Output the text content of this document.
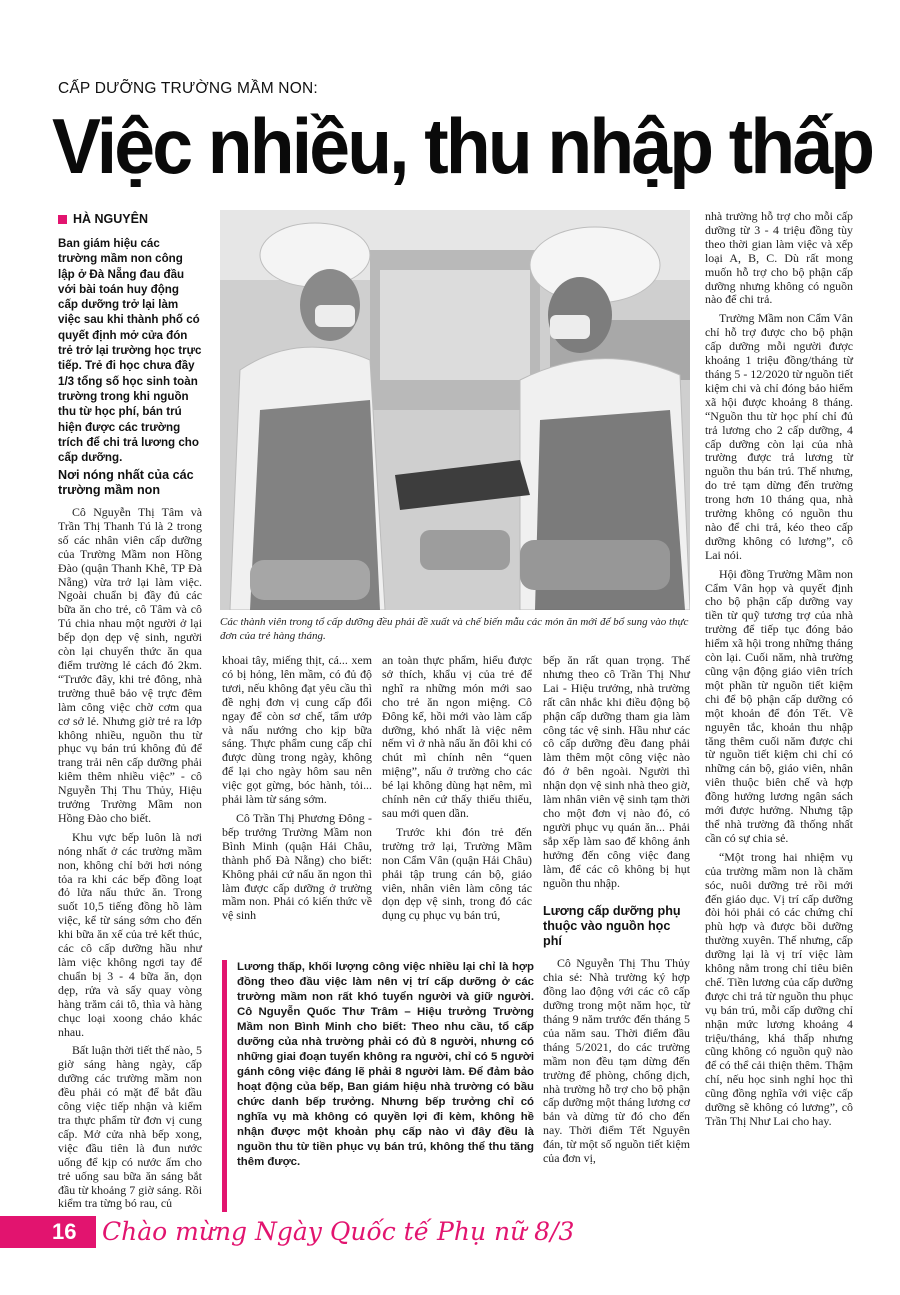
CẤP DƯỠNG TRƯỜNG MẦM NON:
Việc nhiều, thu nhập thấp
HÀ NGUYÊN
Ban giám hiệu các trường mầm non công lập ở Đà Nẵng đau đầu với bài toán huy động cấp dưỡng trở lại làm việc sau khi thành phố có quyết định mở cửa đón trẻ trở lại trường học trực tiếp. Trẻ đi học chưa đầy 1/3 tổng số học sinh toàn trường trong khi nguồn thu từ học phí, bán trú hiện được các trường trích để chi trả lương cho cấp dưỡng.
Nơi nóng nhất của các trường mầm non

Cô Nguyễn Thị Tâm và Trần Thị Thanh Tú là 2 trong số các nhân viên cấp dưỡng của Trường Mầm non Hồng Đào (quận Thanh Khê, TP Đà Nẵng) vừa trở lại làm việc. Ngoài chuẩn bị đầy đủ các bữa ăn cho trẻ, cô Tâm và cô Tú chia nhau một người ở lại bếp dọn dẹp vệ sinh, người còn lại chuyển thức ăn qua điểm trường lẻ cách đó 2km. “Trước đây, khi trẻ đông, nhà trường thuê bảo vệ trực đêm làm công việc chờ cơm qua cơ sở lẻ. Nhưng giờ trẻ ra lớp không nhiều, nguồn thu từ phục vụ bán trú không đủ để trang trải nên cấp dưỡng phải kiêm thêm nhiều việc” - cô Nguyễn Thị Thu Thủy, Hiệu trưởng Trường Mầm non Hồng Đào cho biết.

Khu vực bếp luôn là nơi nóng nhất ở các trường mầm non, không chỉ bởi hơi nóng tỏa ra khi các bếp đồng loạt đỏ lửa nấu thức ăn. Trong suốt 10,5 tiếng đồng hồ làm việc, kể từ sáng sớm cho đến khi bữa ăn xế của trẻ kết thúc, các cô cấp dưỡng hầu như làm việc không ngơi tay để chuẩn bị 3 - 4 bữa ăn, dọn dẹp, rửa và sấy quay vòng hàng trăm cái tô, thìa và hàng chục loại xoong chảo khác nhau.

Bất luận thời tiết thế nào, 5 giờ sáng hàng ngày, cấp dưỡng các trường mầm non đều phải có mặt để bắt đầu công việc tiếp nhận và kiểm tra thực phẩm từ đơn vị cung cấp. Mở cửa nhà bếp xong, việc đầu tiên là đun nước uống để kịp có nước ấm cho trẻ uống sau bữa ăn sáng bắt đầu từ khoảng 7 giờ sáng. Rồi kiểm tra từng bó rau, củ

Các thành viên trong tổ cấp dưỡng đều phải đề xuất và chế biến mẫu các món ăn mới để bổ sung vào thực đơn của trẻ hàng tháng.

khoai tây, miếng thịt, cá... xem có bị hỏng, lên mầm, có đủ độ tươi, nếu không đạt yêu cầu thì đề nghị đơn vị cung cấp đổi ngay để còn sơ chế, tẩm ướp và nấu nướng cho kịp bữa sáng. Thực phẩm cung cấp chỉ được dùng trong ngày, không để lại cho ngày hôm sau nên việc gọt gừng, bóc hành, tỏi... phải làm từ sáng sớm.

Cô Trần Thị Phương Đông - bếp trưởng Trường Mầm non Bình Minh (quận Hải Châu, thành phố Đà Nẵng) cho biết: Không phải cứ nấu ăn ngon thì làm được cấp dưỡng ở trường mầm non. Phải có kiến thức về vệ sinh

an toàn thực phẩm, hiểu được sở thích, khẩu vị của trẻ để nghĩ ra những món mới sao cho trẻ ăn ngon miệng. Cô Đông kể, hồi mới vào làm cấp dưỡng, khó nhất là việc nêm nếm vì ở nhà nấu ăn đôi khi có chút mì chính nên “quen miệng”, nấu ở trường cho các bé lại không dùng hạt nêm, mì chính nên cứ thấy thiếu thiếu, sau mới quen dần.

Trước khi đón trẻ đến trường trở lại, Trường Mầm non Cẩm Vân (quận Hải Châu) phải tập trung cán bộ, giáo viên, nhân viên làm công tác dọn dẹp vệ sinh, trong đó các dụng cụ phục vụ bán trú,

bếp ăn rất quan trọng. Thế nhưng theo cô Trần Thị Như Lai - Hiệu trưởng, nhà trường rất cân nhắc khi điều động bộ phận cấp dưỡng tham gia làm công tác vệ sinh. Hầu như các cô cấp dưỡng đều đang phải làm thêm một công việc nào đó ở bên ngoài. Người thì nhận dọn vệ sinh nhà theo giờ, làm nhân viên vệ sinh tạm thời cho một đơn vị nào đó, có người phục vụ quán ăn... Phải sắp xếp làm sao để không ảnh hưởng đến công việc đang làm, để các cô không bị hụt nguồn thu nhập.

Lương cấp dưỡng phụ thuộc vào nguồn học phí

Cô Nguyễn Thị Thu Thủy chia sẻ: Nhà trường ký hợp đồng lao động với các cô cấp dưỡng trong một năm học, từ tháng 9 năm trước đến tháng 5 của năm sau. Thời điểm đầu tháng 5/2021, do các trường mầm non đều tạm dừng đến trường để phòng, chống dịch, nhà trường hỗ trợ cho bộ phận cấp dưỡng một tháng lương cơ bản và dừng từ đó cho đến nay. Thời điểm Tết Nguyên đán, từ một số nguồn tiết kiệm của đơn vị,

nhà trường hỗ trợ cho mỗi cấp dưỡng từ 3 - 4 triệu đồng tùy theo thời gian làm việc và xếp loại A, B, C. Dù rất mong muốn hỗ trợ cho bộ phận cấp dưỡng nhưng không có nguồn nào để chi trả.

Trường Mầm non Cẩm Vân chỉ hỗ trợ được cho bộ phận cấp dưỡng mỗi người được khoảng 1 triệu đồng/tháng từ tháng 5 - 12/2020 từ nguồn tiết kiệm chi và chỉ đóng bảo hiểm xã hội được khoảng 8 tháng. “Nguồn thu từ học phí chỉ đủ trả lương cho 2 cấp dưỡng, 4 cấp dưỡng còn lại của nhà trường được trả lương từ nguồn thu bán trú. Thế nhưng, do trẻ tạm dừng đến trường trong hơn 10 tháng qua, nhà trường không có nguồn thu nào để chi trả, kéo theo cấp dưỡng không có lương”, cô Lai nói.

Hội đồng Trường Mầm non Cẩm Vân họp và quyết định cho bộ phận cấp dưỡng vay tiền từ quỹ tương trợ của nhà trường để tiếp tục đóng bảo hiểm xã hội trong những tháng còn lại. Cuối năm, nhà trường cũng vận động giáo viên trích một phần từ nguồn tiết kiệm chi để bộ phận cấp dưỡng có một khoản để đón Tết. Về nguyên tắc, khoản thu nhập tăng thêm cuối năm được chi từ nguồn tiết kiệm chi chỉ có những cán bộ, giáo viên, nhân viên thuộc biên chế và hợp đồng hưởng lương ngân sách mới được hưởng. Nhưng tập thể nhà trường đã thống nhất cần có sự chia sẻ.

“Một trong hai nhiệm vụ của trường mầm non là chăm sóc, nuôi dưỡng trẻ rồi mới đến giáo dục. Vị trí cấp dưỡng đòi hỏi phải có các chứng chỉ phù hợp và được bồi dưỡng thường xuyên. Thế nhưng, cấp dưỡng lại là vị trí việc làm không nằm trong chỉ tiêu biên chế. Tiền lương của cấp dưỡng được chi trả từ nguồn thu phục vụ bán trú, mỗi cấp dưỡng chỉ nhận mức lương khoảng 4 triệu/tháng, khá thấp nhưng cũng không có nguồn quỹ nào để có thể cải thiện thêm. Thậm chí, nếu học sinh nghỉ học thì cũng đồng nghĩa với việc cấp dưỡng sẽ không có lương”, cô Trần Thị Như Lai cho hay.

Lương thấp, khối lượng công việc nhiều lại chỉ là hợp đồng theo đầu việc làm nên vị trí cấp dưỡng ở các trường mầm non rất khó tuyển người và giữ người. Cô Nguyễn Quốc Thư Trâm – Hiệu trưởng Trường Mầm non Bình Minh cho biết: Theo nhu cầu, tổ cấp dưỡng của nhà trường phải có đủ 8 người, nhưng có những giai đoạn tuyển không ra người, chỉ có 5 người gánh công việc đáng lẽ phải 8 người làm. Để đảm bảo hoạt động của bếp, Ban giám hiệu nhà trường có bầu chức danh bếp trưởng. Nhưng bếp trưởng chỉ có nghĩa vụ mà không có quyền lợi đi kèm, không hề nhận được một khoản phụ cấp nào vì đây đều là nguồn thu từ tiền phục vụ bán trú, không thể thu tăng thêm được.
16 Chào mừng Ngày Quốc tế Phụ nữ 8/3
